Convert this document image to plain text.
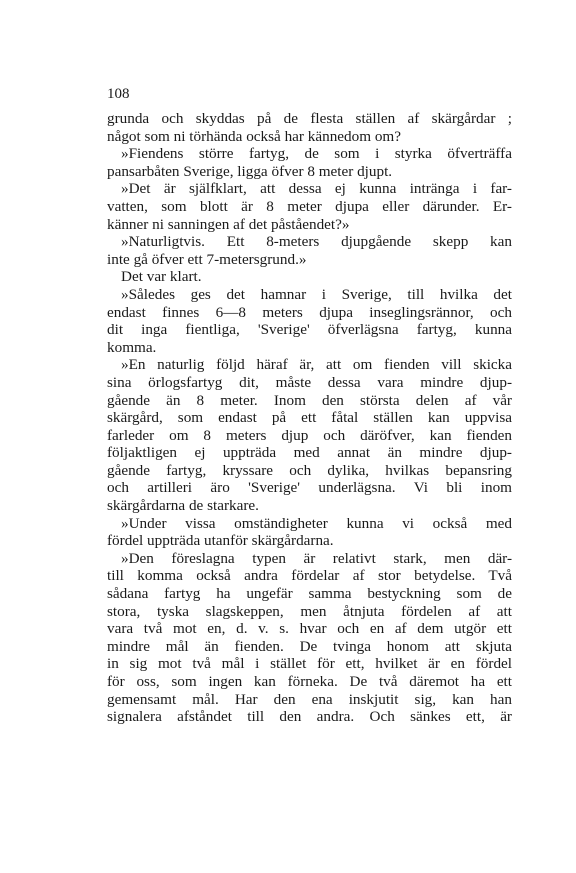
108
grunda och skyddas på de flesta ställen af skärgårdar ;
något som ni törhända också har kännedom om?
»Fiendens större fartyg, de som i styrka öfverträffa
pansarbåten Sverige, ligga öfver 8 meter djupt.
»Det är själfklart, att dessa ej kunna intränga i far-
vatten, som blott är 8 meter djupa eller därunder. Er-
känner ni sanningen af det påståendet?»
»Naturligtvis. Ett 8-meters djupgående skepp kan
inte gå öfver ett 7-metersgrund.»
Det var klart.
»Således ges det hamnar i Sverige, till hvilka det
endast finnes 6—8 meters djupa inseglingsrännor, och
dit inga fientliga, 'Sverige' öfverlägsna fartyg, kunna
komma.
»En naturlig följd häraf är, att om fienden vill skicka
sina örlogsfartyg dit, måste dessa vara mindre djup-
gående än 8 meter. Inom den största delen af vår
skärgård, som endast på ett fåtal ställen kan uppvisa
farleder om 8 meters djup och däröfver, kan fienden
följaktligen ej uppträda med annat än mindre djup-
gående fartyg, kryssare och dylika, hvilkas bepansring
och artilleri äro 'Sverige' underlägsna. Vi bli inom
skärgårdarna de starkare.
»Under vissa omständigheter kunna vi också med
fördel uppträda utanför skärgårdarna.
»Den föreslagna typen är relativt stark, men där-
till komma också andra fördelar af stor betydelse. Två
sådana fartyg ha ungefär samma bestyckning som de
stora, tyska slagskeppen, men åtnjuta fördelen af att
vara två mot en, d. v. s. hvar och en af dem utgör ett
mindre mål än fienden. De tvinga honom att skjuta
in sig mot två mål i stället för ett, hvilket är en fördel
för oss, som ingen kan förneka. De två däremot ha ett
gemensamt mål. Har den ena inskjutit sig, kan han
signalera afståndet till den andra. Och sänkes ett, är
